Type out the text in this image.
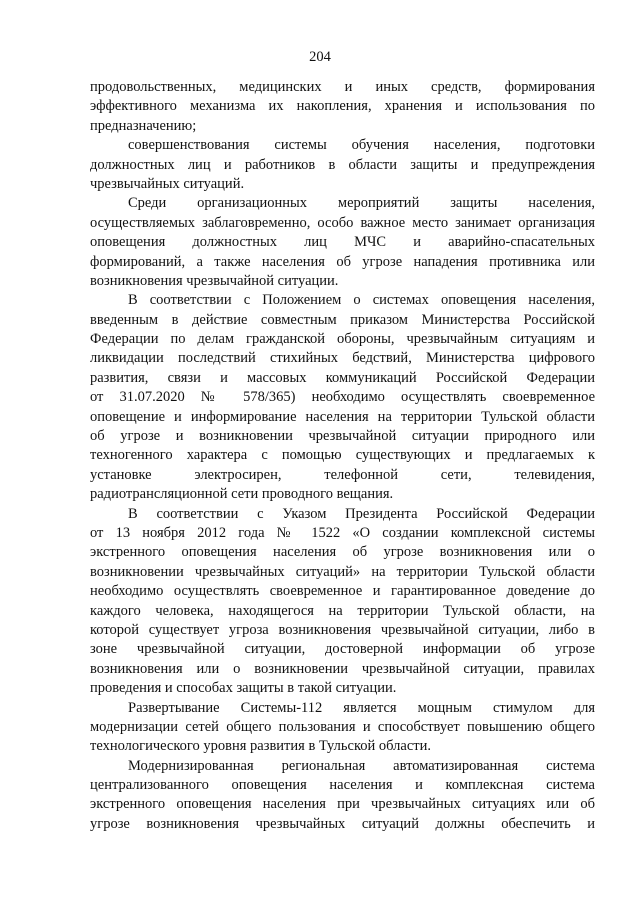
204
продовольственных, медицинских и иных средств, формирования
эффективного механизма их накопления, хранения и использования по
предназначению;
совершенствования системы обучения населения, подготовки
должностных лиц и работников в области защиты и предупреждения
чрезвычайных ситуаций.
Среди организационных мероприятий защиты населения,
осуществляемых заблаговременно, особо важное место занимает организация
оповещения должностных лиц МЧС и аварийно-спасательных
формирований, а также населения об угрозе нападения противника или
возникновения чрезвычайной ситуации.
В соответствии с Положением о системах оповещения населения,
введенным в действие совместным приказом Министерства Российской
Федерации по делам гражданской обороны, чрезвычайным ситуациям и
ликвидации последствий стихийных бедствий, Министерства цифрового
развития, связи и массовых коммуникаций Российской Федерации
от 31.07.2020 № 578/365) необходимо осуществлять своевременное
оповещение и информирование населения на территории Тульской области
об угрозе и возникновении чрезвычайной ситуации природного или
техногенного характера с помощью существующих и предлагаемых к
установке электросирен, телефонной сети, телевидения,
радиотрансляционной сети проводного вещания.
В соответствии с Указом Президента Российской Федерации
от 13 ноября 2012 года № 1522 «О создании комплексной системы
экстренного оповещения населения об угрозе возникновения или о
возникновении чрезвычайных ситуаций» на территории Тульской области
необходимо осуществлять своевременное и гарантированное доведение до
каждого человека, находящегося на территории Тульской области, на
которой существует угроза возникновения чрезвычайной ситуации, либо в
зоне чрезвычайной ситуации, достоверной информации об угрозе
возникновения или о возникновении чрезвычайной ситуации, правилах
проведения и способах защиты в такой ситуации.
Развертывание Системы-112 является мощным стимулом для
модернизации сетей общего пользования и способствует повышению общего
технологического уровня развития в Тульской области.
Модернизированная региональная автоматизированная система
централизованного оповещения населения и комплексная система
экстренного оповещения населения при чрезвычайных ситуациях или об
угрозе возникновения чрезвычайных ситуаций должны обеспечить и
